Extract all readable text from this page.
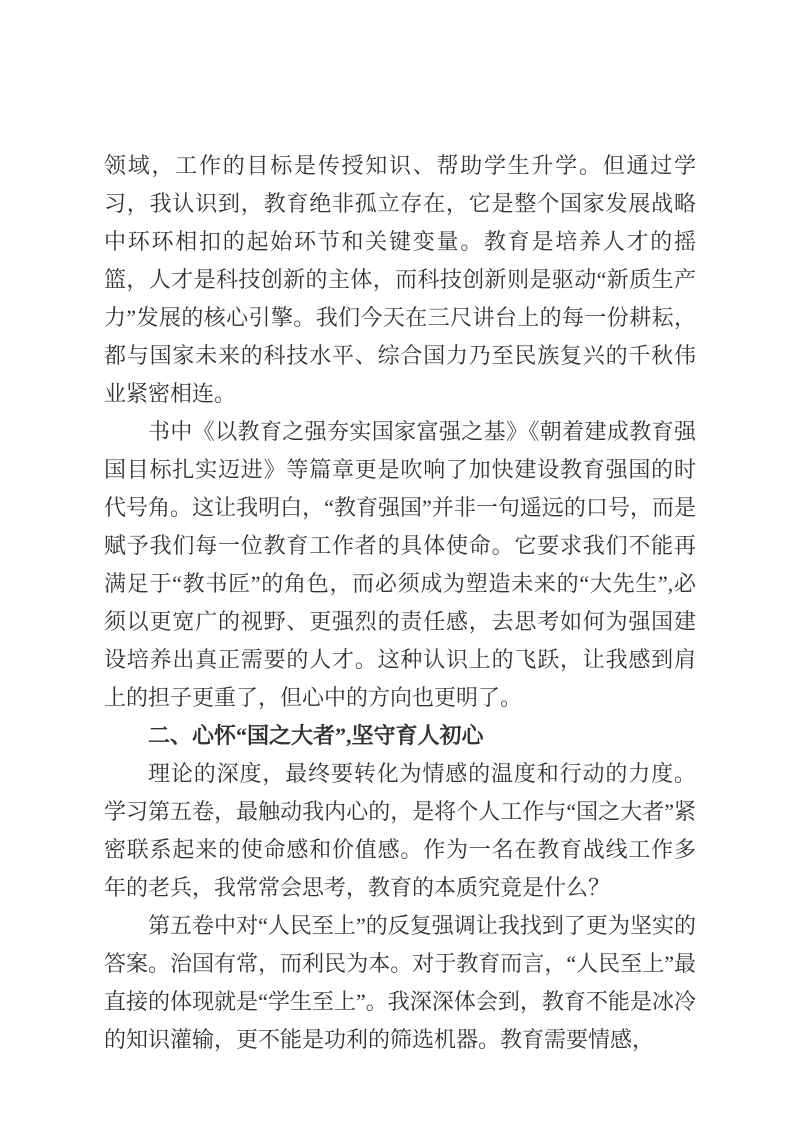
领域，工作的目标是传授知识、帮助学生升学。但通过学习，我认识到，教育绝非孤立存在，它是整个国家发展战略中环环相扣的起始环节和关键变量。教育是培养人才的摇篮，人才是科技创新的主体，而科技创新则是驱动“新质生产力”发展的核心引擎。我们今天在三尺讲台上的每一份耕耘，都与国家未来的科技水平、综合国力乃至民族复兴的千秋伟业紧密相连。

书中《以教育之强夯实国家富强之基》《朝着建成教育强国目标扎实迈进》等篇章更是吹响了加快建设教育强国的时代号角。这让我明白，“教育强国”并非一句遥远的口号，而是赋予我们每一位教育工作者的具体使命。它要求我们不能再满足于“教书匠”的角色，而必须成为塑造未来的“大先生”,必须以更宽广的视野、更强烈的责任感，去思考如何为强国建设培养出真正需要的人才。这种认识上的飞跃，让我感到肩上的担子更重了，但心中的方向也更明了。

二、心怀“国之大者”,坚守育人初心

理论的深度，最终要转化为情感的温度和行动的力度。学习第五卷，最触动我内心的，是将个人工作与“国之大者”紧密联系起来的使命感和价值感。作为一名在教育战线工作多年的老兵，我常常会思考，教育的本质究竟是什么？

第五卷中对“人民至上”的反复强调让我找到了更为坚实的答案。治国有常，而利民为本。对于教育而言，“人民至上”最直接的体现就是“学生至上”。我深深体会到，教育不能是冰冷的知识灌输，更不能是功利的筛选机器。教育需要情感，
